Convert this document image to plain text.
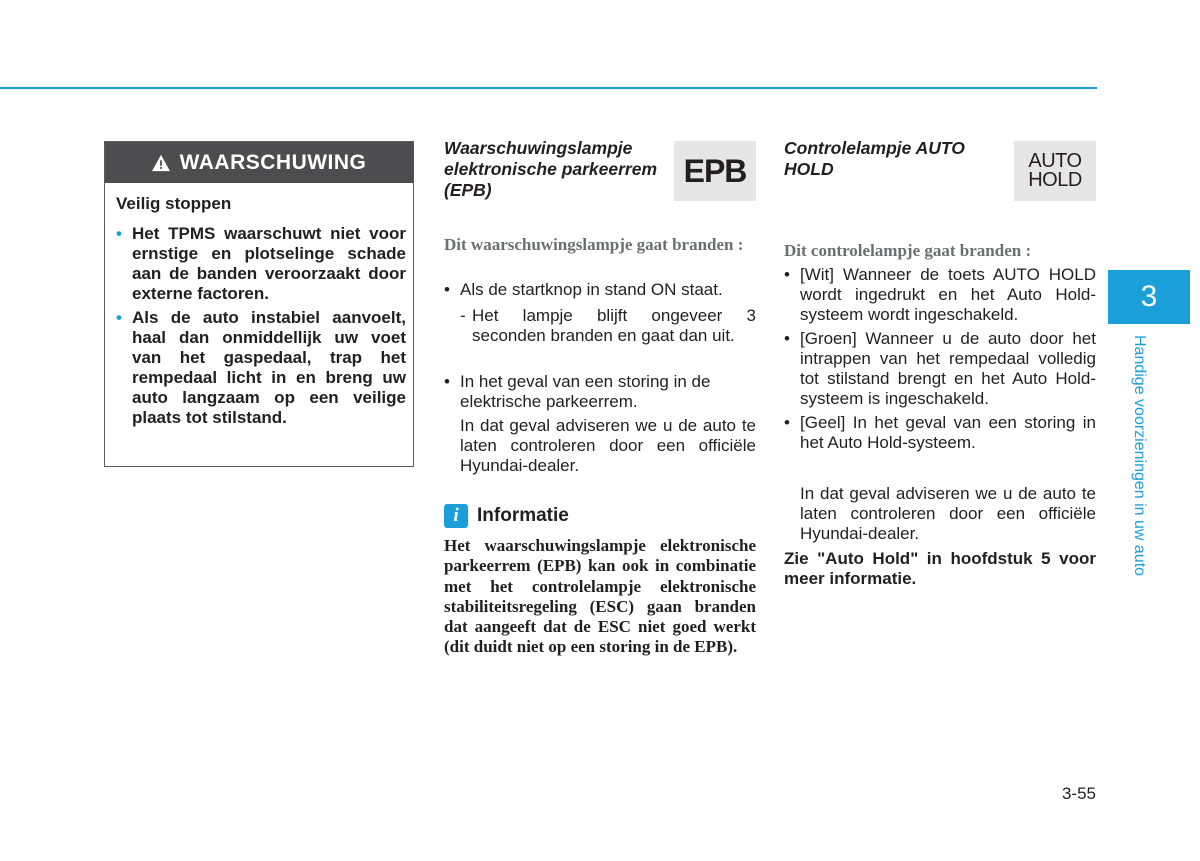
WAARSCHUWING
Veilig stoppen
• Het TPMS waarschuwt niet voor ernstige en plotselinge schade aan de banden veroorzaakt door externe factoren.
• Als de auto instabiel aanvoelt, haal dan onmiddellijk uw voet van het gaspedaal, trap het rempedaal licht in en breng uw auto langzaam op een veilige plaats tot stilstand.
Waarschuwingslampje elektronische parkeerrem (EPB)
EPB
Dit waarschuwingslampje gaat branden :
• Als de startknop in stand ON staat.
- Het lampje blijft ongeveer 3 seconden branden en gaat dan uit.
• In het geval van een storing in de elektrische parkeerrem.
In dat geval adviseren we u de auto te laten controleren door een officiële Hyundai-dealer.
i Informatie
Het waarschuwingslampje elektronische parkeerrem (EPB) kan ook in combinatie met het controlelampje elektronische stabiliteitsregeling (ESC) gaan branden dat aangeeft dat de ESC niet goed werkt (dit duidt niet op een storing in de EPB).
Controlelampje AUTO HOLD	AUTO
HOLD
Dit controlelampje gaat branden :
• [Wit] Wanneer de toets AUTO HOLD wordt ingedrukt en het Auto Hold-systeem wordt ingeschakeld.
• [Groen] Wanneer u de auto door het intrappen van het rempedaal volledig tot stilstand brengt en het Auto Hold-systeem is ingeschakeld.
• [Geel] In het geval van een storing in het Auto Hold-systeem.
In dat geval adviseren we u de auto te laten controleren door een officiële Hyundai-dealer.
Zie "Auto Hold" in hoofdstuk 5 voor meer informatie.
3
Handige voorzieningen in uw auto
3-55
